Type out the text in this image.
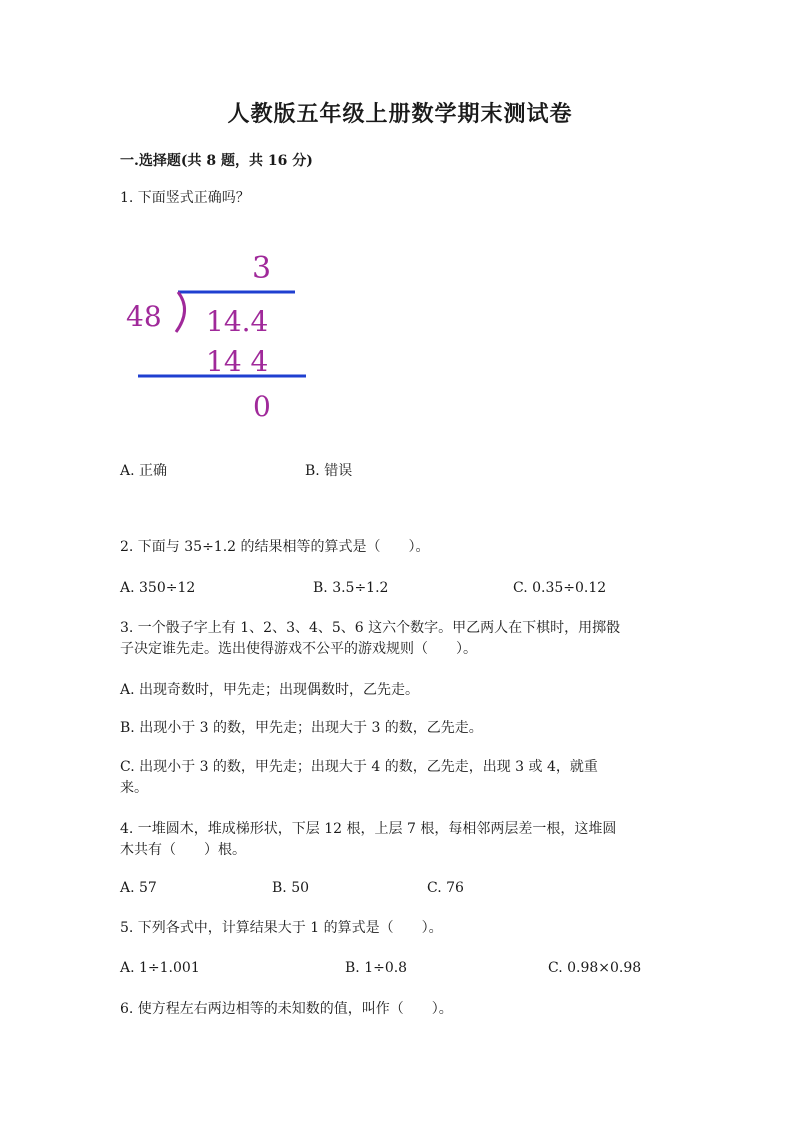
人教版五年级上册数学期末测试卷
一.选择题(共 8 题，共 16 分)
1. 下面竖式正确吗？
3
48 14.4
14 4
0
A. 正确	B. 错误
2. 下面与 35÷1.2 的结果相等的算式是（　　）。
A. 350÷12	B. 3.5÷1.2	C. 0.35÷0.12
3. 一个骰子字上有 1、2、3、4、5、6 这六个数字。甲乙两人在下棋时，用掷骰
子决定谁先走。选出使得游戏不公平的游戏规则（　　）。
A. 出现奇数时，甲先走；出现偶数时，乙先走。
B. 出现小于 3 的数，甲先走；出现大于 3 的数，乙先走。
C. 出现小于 3 的数，甲先走；出现大于 4 的数，乙先走，出现 3 或 4，就重
来。
4. 一堆圆木，堆成梯形状，下层 12 根，上层 7 根，每相邻两层差一根，这堆圆
木共有（　　）根。
A. 57	B. 50	C. 76
5. 下列各式中，计算结果大于 1 的算式是（　　）。
A. 1÷1.001	B. 1÷0.8	C. 0.98×0.98
6. 使方程左右两边相等的未知数的值，叫作（　　）。
